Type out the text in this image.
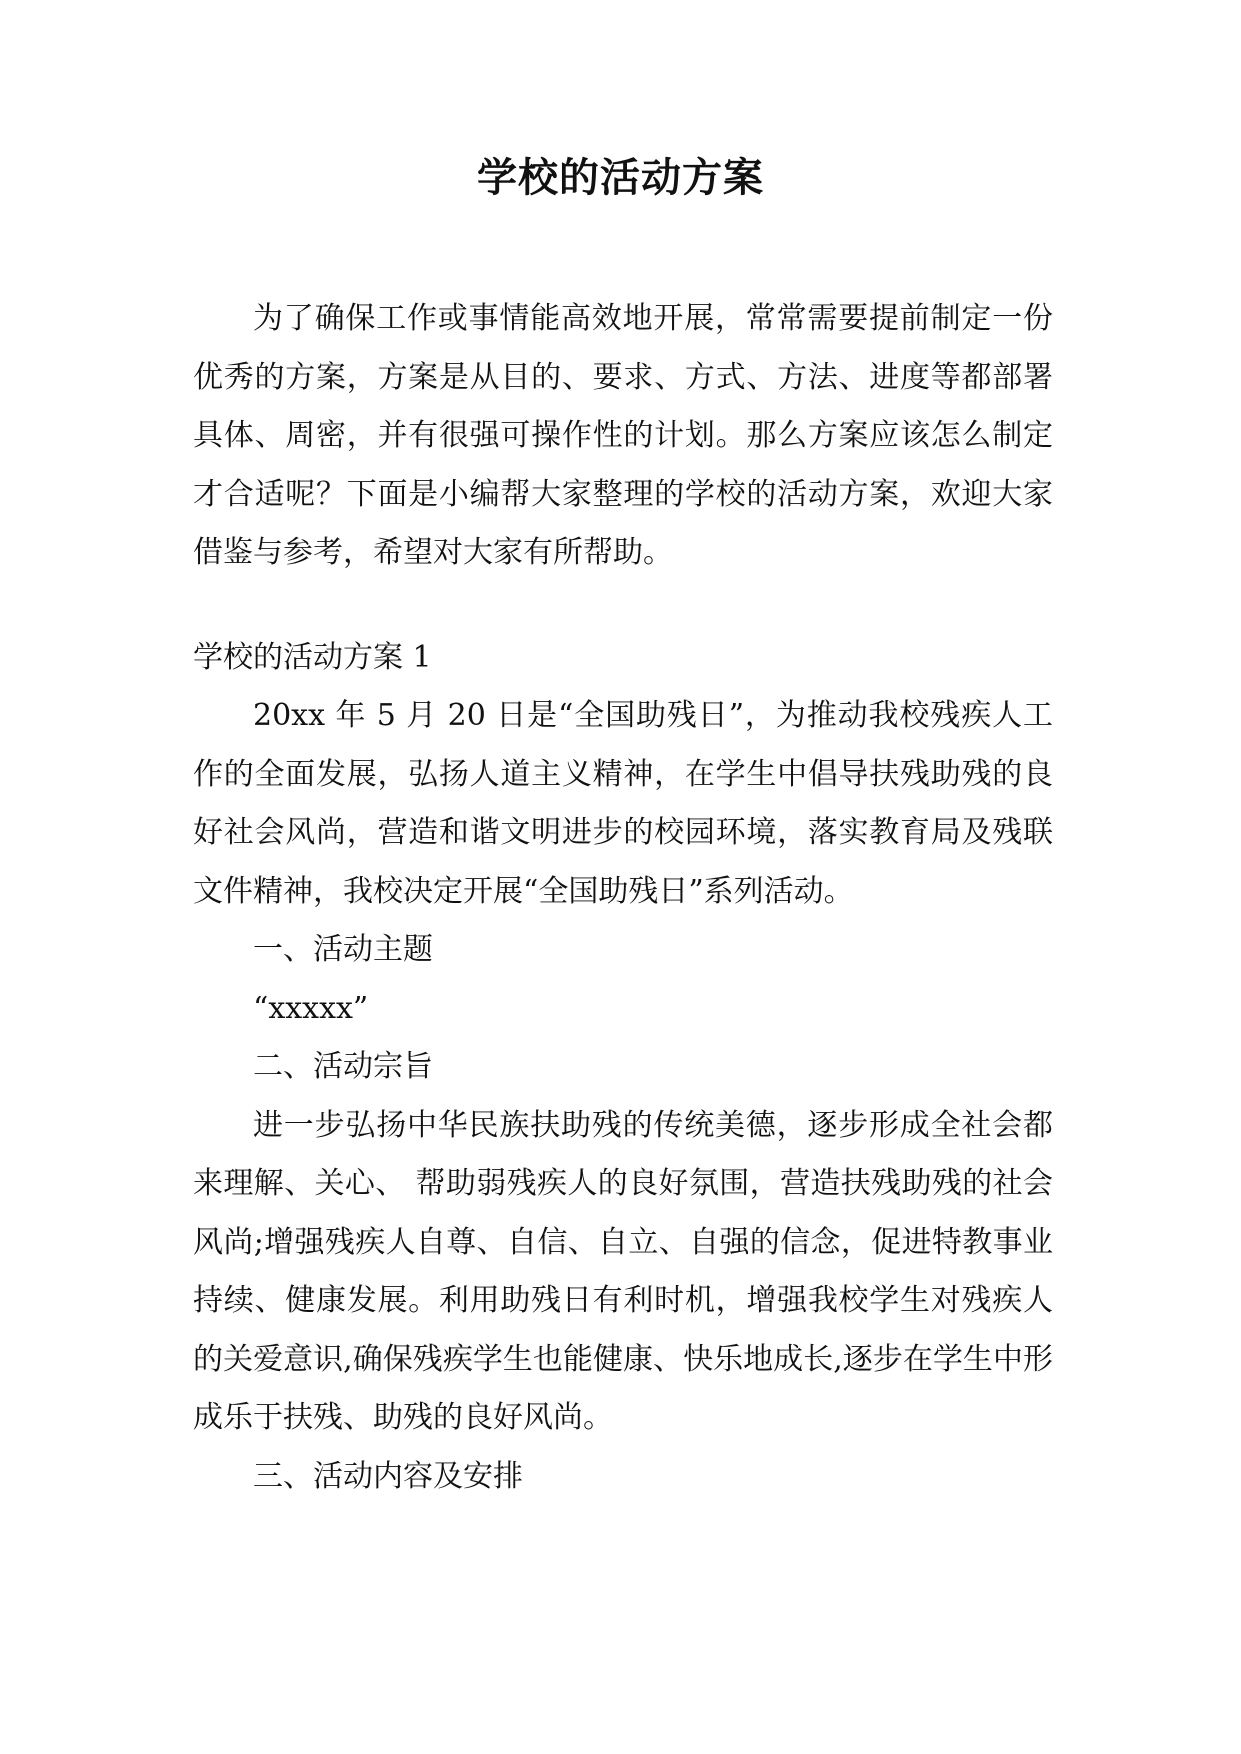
学校的活动方案

为了确保工作或事情能高效地开展，常常需要提前制定一份优秀的方案，方案是从目的、要求、方式、方法、进度等都部署具体、周密，并有很强可操作性的计划。那么方案应该怎么制定才合适呢？下面是小编帮大家整理的学校的活动方案，欢迎大家借鉴与参考，希望对大家有所帮助。

学校的活动方案 1

20xx 年 5 月 20 日是“全国助残日”，为推动我校残疾人工作的全面发展，弘扬人道主义精神，在学生中倡导扶残助残的良好社会风尚，营造和谐文明进步的校园环境，落实教育局及残联文件精神，我校决定开展“全国助残日”系列活动。

一、活动主题

“xxxxx”

二、活动宗旨

进一步弘扬中华民族扶助残的传统美德，逐步形成全社会都来理解、关心、 帮助弱残疾人的良好氛围，营造扶残助残的社会风尚;增强残疾人自尊、自信、自立、自强的信念，促进特教事业持续、健康发展。利用助残日有利时机，增强我校学生对残疾人的关爱意识,确保残疾学生也能健康、快乐地成长,逐步在学生中形成乐于扶残、助残的良好风尚。

三、活动内容及安排
